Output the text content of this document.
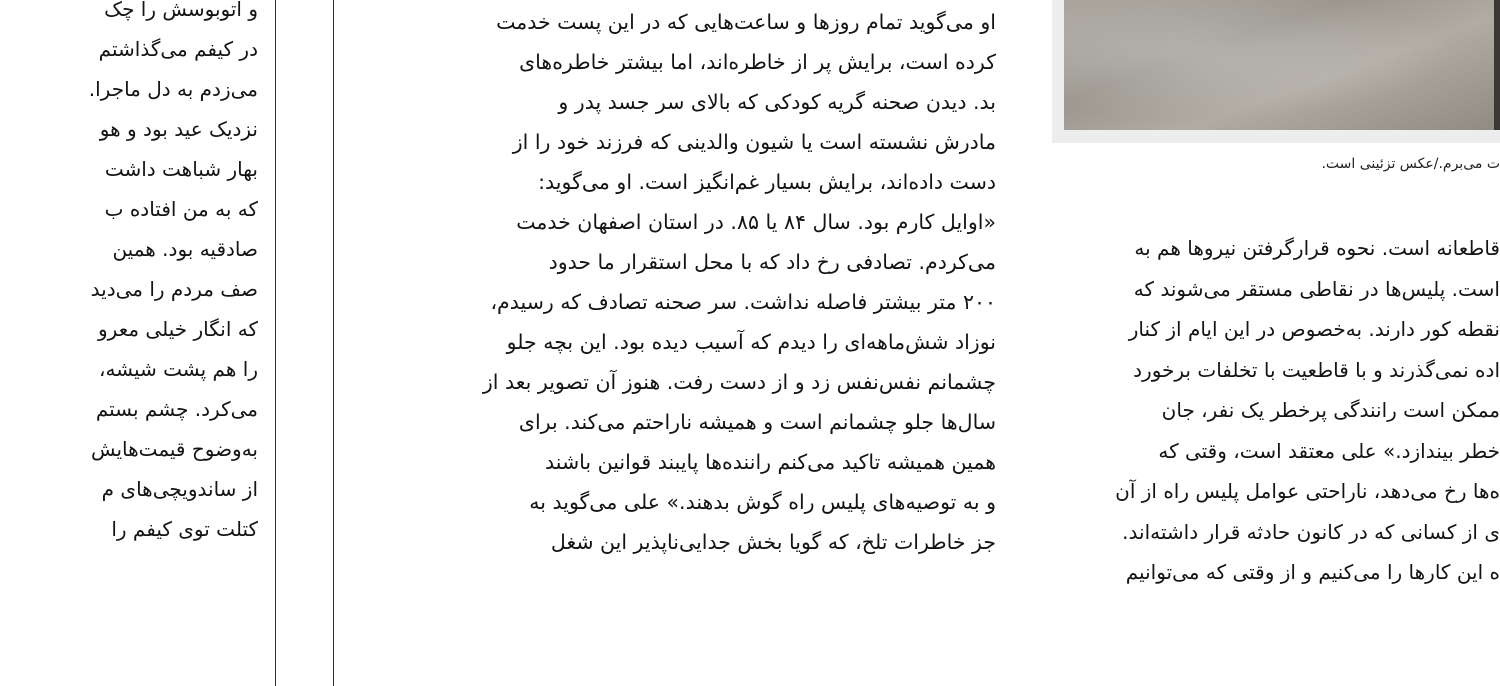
و اتوبوسش را چک
در کیفم می‌گذاشتم
می‌زدم به دل ماجرا.
نزدیک عید بود و هو
بهار شباهت داشت
که به من افتاده ب
صادقیه بود. همین
صف مردم را می‌دید
که انگار خیلی معرو
را هم پشت شیشه،
می‌کرد. چشم بستم
به‌وضوح قیمت‌هایش
از ساندویچی‌های م
کتلت توی کیفم را
او می‌گوید تمام روزها و ساعت‌هایی که در این پست خدمت
کرده است، برایش پر از خاطره‌اند، اما بیشتر خاطره‌های
بد. دیدن صحنه گریه کودکی که بالای سر جسد پدر و
مادرش نشسته است یا شیون والدینی که فرزند خود را از
دست داده‌اند، برایش بسیار غم‌انگیز است. او می‌گوید:
«اوایل کارم بود. سال ۸۴ یا ۸۵. در استان اصفهان خدمت
می‌کردم. تصادفی رخ داد که با محل استقرار ما حدود
۲۰۰ متر بیشتر فاصله نداشت. سر صحنه تصادف که رسیدم،
نوزاد شش‌ماهه‌ای را دیدم که آسیب دیده بود. این بچه جلو
چشمانم نفس‌نفس زد و از دست رفت. هنوز آن تصویر بعد از
سال‌ها جلو چشمانم است و همیشه ناراحتم می‌کند. برای
همین همیشه تاکید می‌کنم راننده‌ها پایبند قوانین باشند
و به توصیه‌های پلیس راه گوش بدهند.» علی می‌گوید به
جز خاطرات تلخ، که گویا بخش جدایی‌ناپذیر این شغل
ت می‌برم./عکس تزئینی است.
قاطعانه است. نحوه قرارگرفتن نیروها هم به
است. پلیس‌ها در نقاطی مستقر می‌شوند که
نقطه کور دارند. به‌خصوص در این ایام از کنار
اده نمی‌گذرند و با قاطعیت با تخلفات برخورد
ممکن است رانندگی پرخطر یک نفر، جان
خطر بیندازد.» علی معتقد است، وقتی که
ه‌ها رخ می‌دهد، ناراحتی عوامل پلیس راه از آن
ی از کسانی که در کانون حادثه قرار داشته‌اند.
ه این کارها را می‌کنیم و از وقتی که می‌توانیم
